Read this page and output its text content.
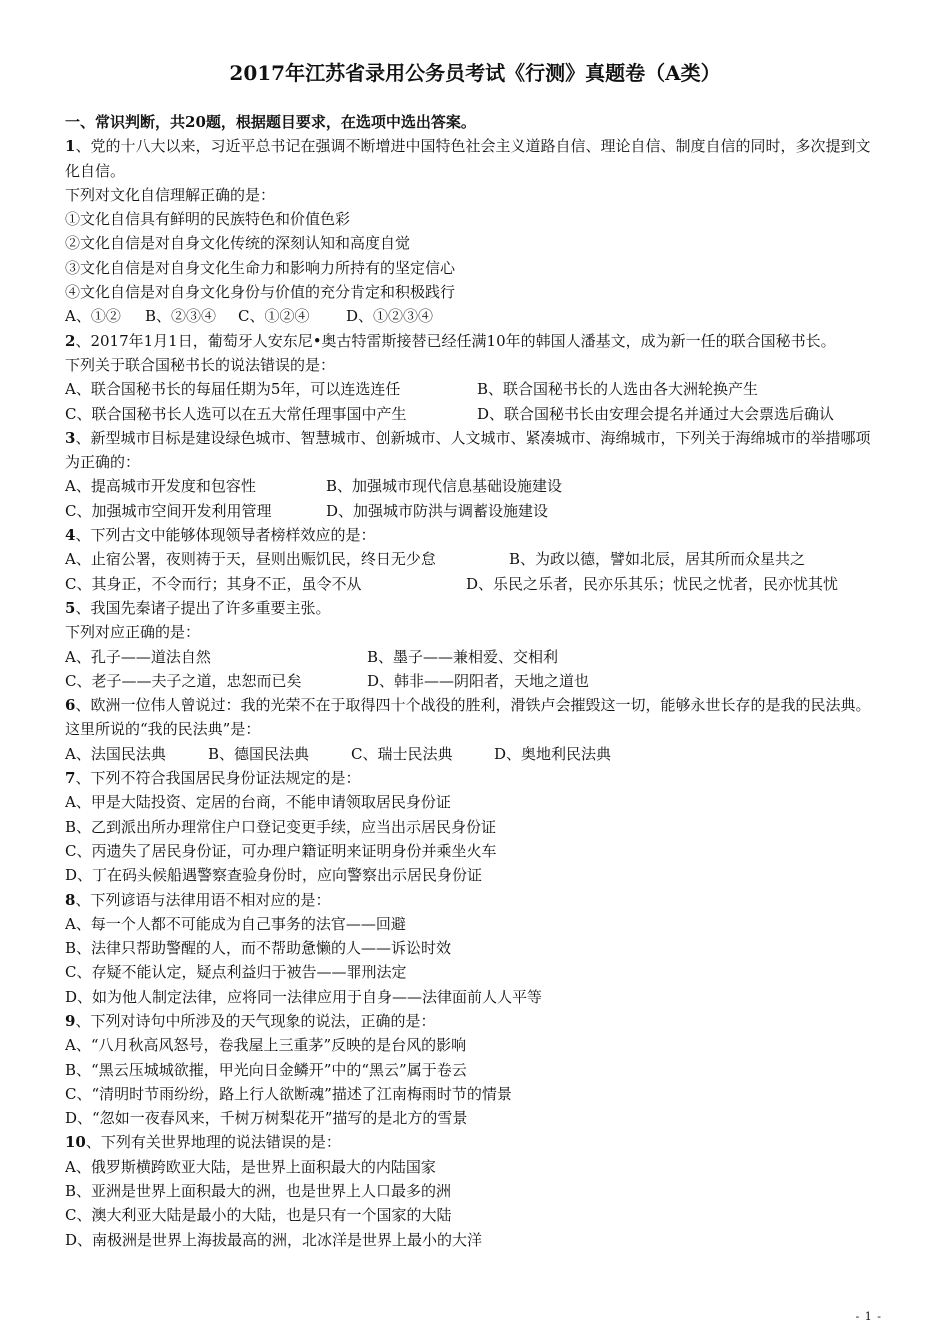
2017年江苏省录用公务员考试《行测》真题卷（A类）
一、常识判断，共20题，根据题目要求，在选项中选出答案。
1、党的十八大以来，习近平总书记在强调不断增进中国特色社会主义道路自信、理论自信、制度自信的同时，多次提到文化自信。
下列对文化自信理解正确的是：
①文化自信具有鲜明的民族特色和价值色彩
②文化自信是对自身文化传统的深刻认知和高度自觉
③文化自信是对自身文化生命力和影响力所持有的坚定信心
④文化自信是对自身文化身份与价值的充分肯定和积极践行
A、①②	B、②③④	C、①②④	D、①②③④
2、2017年1月1日，葡萄牙人安东尼•奥古特雷斯接替已经任满10年的韩国人潘基文，成为新一任的联合国秘书长。
下列关于联合国秘书长的说法错误的是：
A、联合国秘书长的每届任期为5年，可以连选连任	B、联合国秘书长的人选由各大洲轮换产生
C、联合国秘书长人选可以在五大常任理事国中产生	D、联合国秘书长由安理会提名并通过大会票选后确认
3、新型城市目标是建设绿色城市、智慧城市、创新城市、人文城市、紧凑城市、海绵城市，下列关于海绵城市的举措哪项为正确的：
A、提高城市开发度和包容性	B、加强城市现代信息基础设施建设
C、加强城市空间开发利用管理	D、加强城市防洪与调蓄设施建设
4、下列古文中能够体现领导者榜样效应的是：
A、止宿公署，夜则祷于天，昼则出赈饥民，终日无少怠	B、为政以德，譬如北辰，居其所而众星共之
C、其身正，不令而行；其身不正，虽令不从	D、乐民之乐者，民亦乐其乐；忧民之忧者，民亦忧其忧
5、我国先秦诸子提出了许多重要主张。
下列对应正确的是：
A、孔子——道法自然	B、墨子——兼相爱、交相利
C、老子——夫子之道，忠恕而已矣	D、韩非——阴阳者，天地之道也
6、欧洲一位伟人曾说过：我的光荣不在于取得四十个战役的胜利，滑铁卢会摧毁这一切，能够永世长存的是我的民法典。
这里所说的“我的民法典”是：
A、法国民法典	B、德国民法典	C、瑞士民法典	D、奥地利民法典
7、下列不符合我国居民身份证法规定的是：
A、甲是大陆投资、定居的台商，不能申请领取居民身份证
B、乙到派出所办理常住户口登记变更手续，应当出示居民身份证
C、丙遗失了居民身份证，可办理户籍证明来证明身份并乘坐火车
D、丁在码头候船遇警察查验身份时，应向警察出示居民身份证
8、下列谚语与法律用语不相对应的是：
A、每一个人都不可能成为自己事务的法官——回避
B、法律只帮助警醒的人，而不帮助惫懒的人——诉讼时效
C、存疑不能认定，疑点利益归于被告——罪刑法定
D、如为他人制定法律，应将同一法律应用于自身——法律面前人人平等
9、下列对诗句中所涉及的天气现象的说法，正确的是：
A、“八月秋高风怒号，卷我屋上三重茅”反映的是台风的影响
B、“黑云压城城欲摧，甲光向日金鳞开”中的“黑云”属于卷云
C、“清明时节雨纷纷，路上行人欲断魂”描述了江南梅雨时节的情景
D、“忽如一夜春风来，千树万树梨花开”描写的是北方的雪景
10、下列有关世界地理的说法错误的是：
A、俄罗斯横跨欧亚大陆，是世界上面积最大的内陆国家
B、亚洲是世界上面积最大的洲，也是世界上人口最多的洲
C、澳大利亚大陆是最小的大陆，也是只有一个国家的大陆
D、南极洲是世界上海拔最高的洲，北冰洋是世界上最小的大洋
- 1 -
